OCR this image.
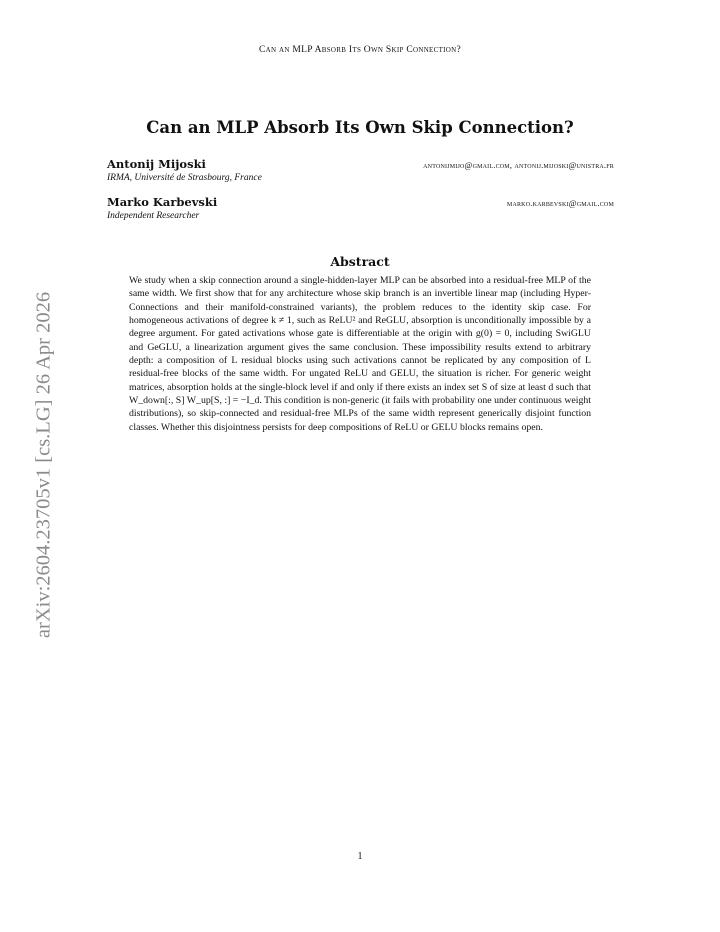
Can an MLP Absorb Its Own Skip Connection?
arXiv:2604.23705v1 [cs.LG] 26 Apr 2026
Can an MLP Absorb Its Own Skip Connection?
Antonij Mijoski	antonijmijo@gmail.com, antonij.mijoski@unistra.fr
IRMA, Université de Strasbourg, France
Marko Karbevski	marko.karbevski@gmail.com
Independent Researcher
Abstract

We study when a skip connection around a single-hidden-layer MLP can be absorbed into a residual-free MLP of the same width. We first show that for any architecture whose skip branch is an invertible linear map (including Hyper-Connections and their manifold-constrained variants), the problem reduces to the identity skip case. For homogeneous activations of degree k ≠ 1, such as ReLU² and ReGLU, absorption is unconditionally impossible by a degree argument. For gated activations whose gate is differentiable at the origin with g(0) = 0, including SwiGLU and GeGLU, a linearization argument gives the same conclusion. These impossibility results extend to arbitrary depth: a composition of L residual blocks using such activations cannot be replicated by any composition of L residual-free blocks of the same width. For ungated ReLU and GELU, the situation is richer. For generic weight matrices, absorption holds at the single-block level if and only if there exists an index set S of size at least d such that W_down[:, S] W_up[S, :] = −I_d. This condition is non-generic (it fails with probability one under continuous weight distributions), so skip-connected and residual-free MLPs of the same width represent generically disjoint function classes. Whether this disjointness persists for deep compositions of ReLU or GELU blocks remains open.

1
